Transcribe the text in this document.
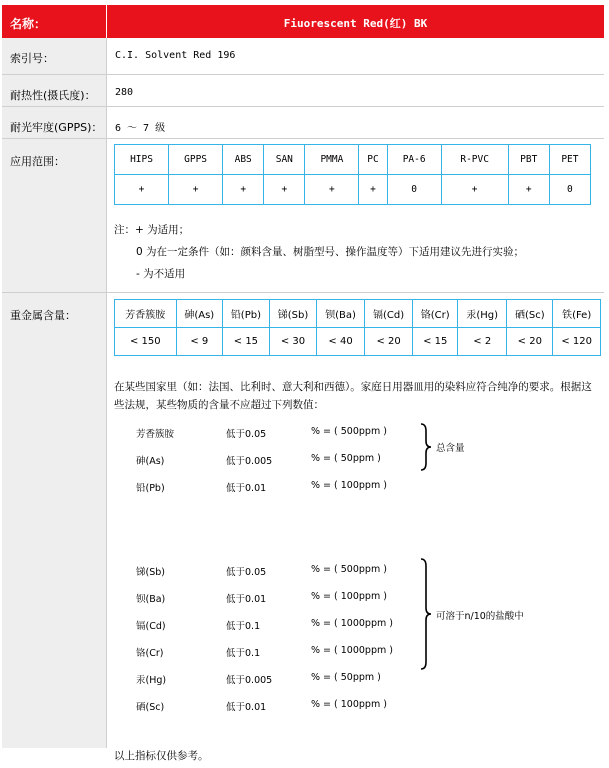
名称：	Fiuorescent Red(红) BK
索引号：	C.I. Solvent Red 196
耐热性(摄氏度)：	280
耐光牢度(GPPS)：	6 ～ 7 级
应用范围：	HIPS	GPPS	ABS	SAN	PMMA	PC	PA-6	R-PVC	PBT	PET
+	+	+	+	+	+	0	+	+	0
注：+ 为适用；
0 为在一定条件（如：颜料含量、树脂型号、操作温度等）下适用建议先进行实验；
- 为不适用
重金属含量：	芳香簇胺	砷(As)	铅(Pb)	锑(Sb)	钡(Ba)	镉(Cd)	铬(Cr)	汞(Hg)	硒(Sc)	铁(Fe)
< 150	< 9	< 15	< 30	< 40	< 20	< 15	< 2	< 20	< 120
在某些国家里（如：法国、比利时、意大利和西德）。家庭日用器皿用的染料应符合纯净的要求。根据这些法规，某些物质的含量不应超过下列数值：
芳香簇胺	低于0.05	% = ( 500ppm )
砷(As)	低于0.005	% = ( 50ppm )
铅(Pb)	低于0.01	% = ( 100ppm )
锑(Sb)	低于0.05	% = ( 500ppm )
钡(Ba)	低于0.01	% = ( 100ppm )
镉(Cd)	低于0.1	% = ( 1000ppm )
铬(Cr)	低于0.1	% = ( 1000ppm )
汞(Hg)	低于0.005	% = ( 50ppm )
硒(Sc)	低于0.01	% = ( 100ppm )
总含量
可溶于n/10的盐酸中
以上指标仅供参考。
